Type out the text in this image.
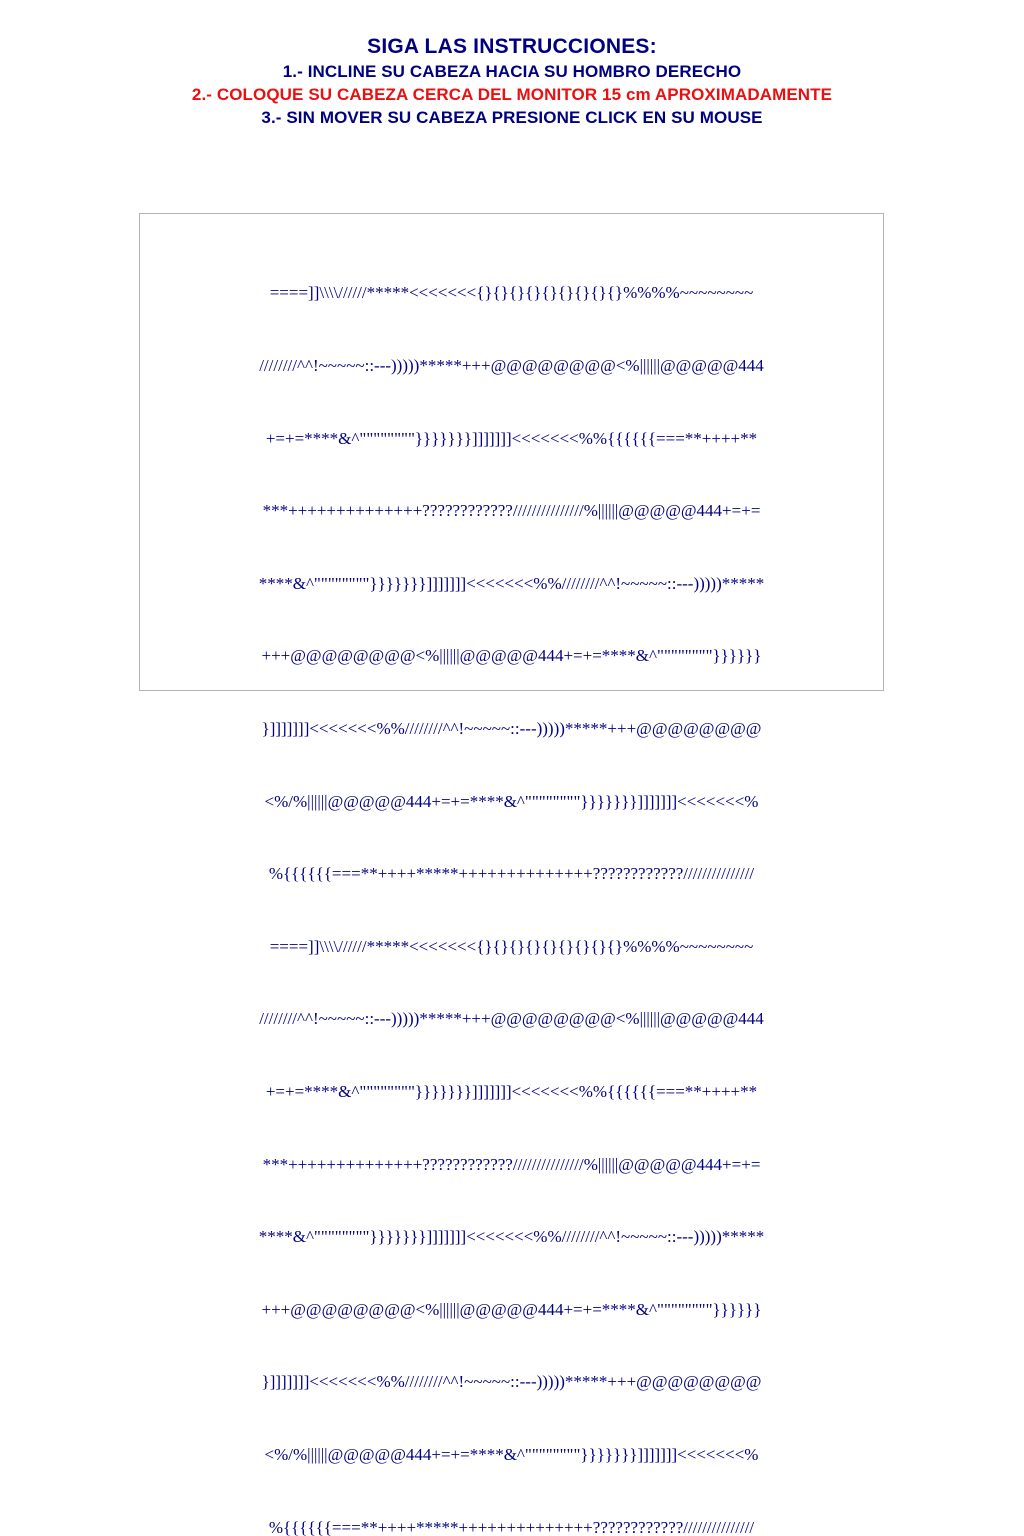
SIGA LAS INSTRUCCIONES:
1.- INCLINE SU CABEZA HACIA SU HOMBRO DERECHO
2.- COLOQUE SU CABEZA CERCA DEL MONITOR 15 cm APROXIMADAMENTE
3.- SIN MOVER SU CABEZA PRESIONE CLICK EN SU MOUSE

====]]\\\\//////*****<<<<<<<{}{}{}{}{}{}{}{}{}%%%%~~~~~~~~

////////^^!~~~~~::---)))))*****+++@@@@@@@@<%||||||@@@@@444

+=+=****&^""""""""}}}}}}}]]]]]]]<<<<<<<%%{{{{{{===**++++**

***++++++++++++++????????????///////////////%||||||@@@@@444+=+=

****&^""""""""}}}}}}}]]]]]]]<<<<<<<%%////////^^!~~~~~::---)))))*****

+++@@@@@@@@<%||||||@@@@@444+=+=****&^""""""""}}}}}}

}]]]]]]]<<<<<<<%%////////^^!~~~~~::---)))))*****+++@@@@@@@@

<%/%||||||@@@@@444+=+=****&^""""""""}}}}}}}]]]]]]]<<<<<<<%

%{{{{{{===**++++*****++++++++++++++????????????///////////////

====]]\\\\//////*****<<<<<<<{}{}{}{}{}{}{}{}{}%%%%~~~~~~~~

////////^^!~~~~~::---)))))*****+++@@@@@@@@<%||||||@@@@@444

+=+=****&^""""""""}}}}}}}]]]]]]]<<<<<<<%%{{{{{{===**++++**

***++++++++++++++????????????///////////////%||||||@@@@@444+=+=

****&^""""""""}}}}}}}]]]]]]]<<<<<<<%%////////^^!~~~~~::---)))))*****

+++@@@@@@@@<%||||||@@@@@444+=+=****&^""""""""}}}}}}

}]]]]]]]<<<<<<<%%////////^^!~~~~~::---)))))*****+++@@@@@@@@

<%/%||||||@@@@@444+=+=****&^""""""""}}}}}}}]]]]]]]<<<<<<<%

%{{{{{{===**++++*****++++++++++++++????????????///////////////
